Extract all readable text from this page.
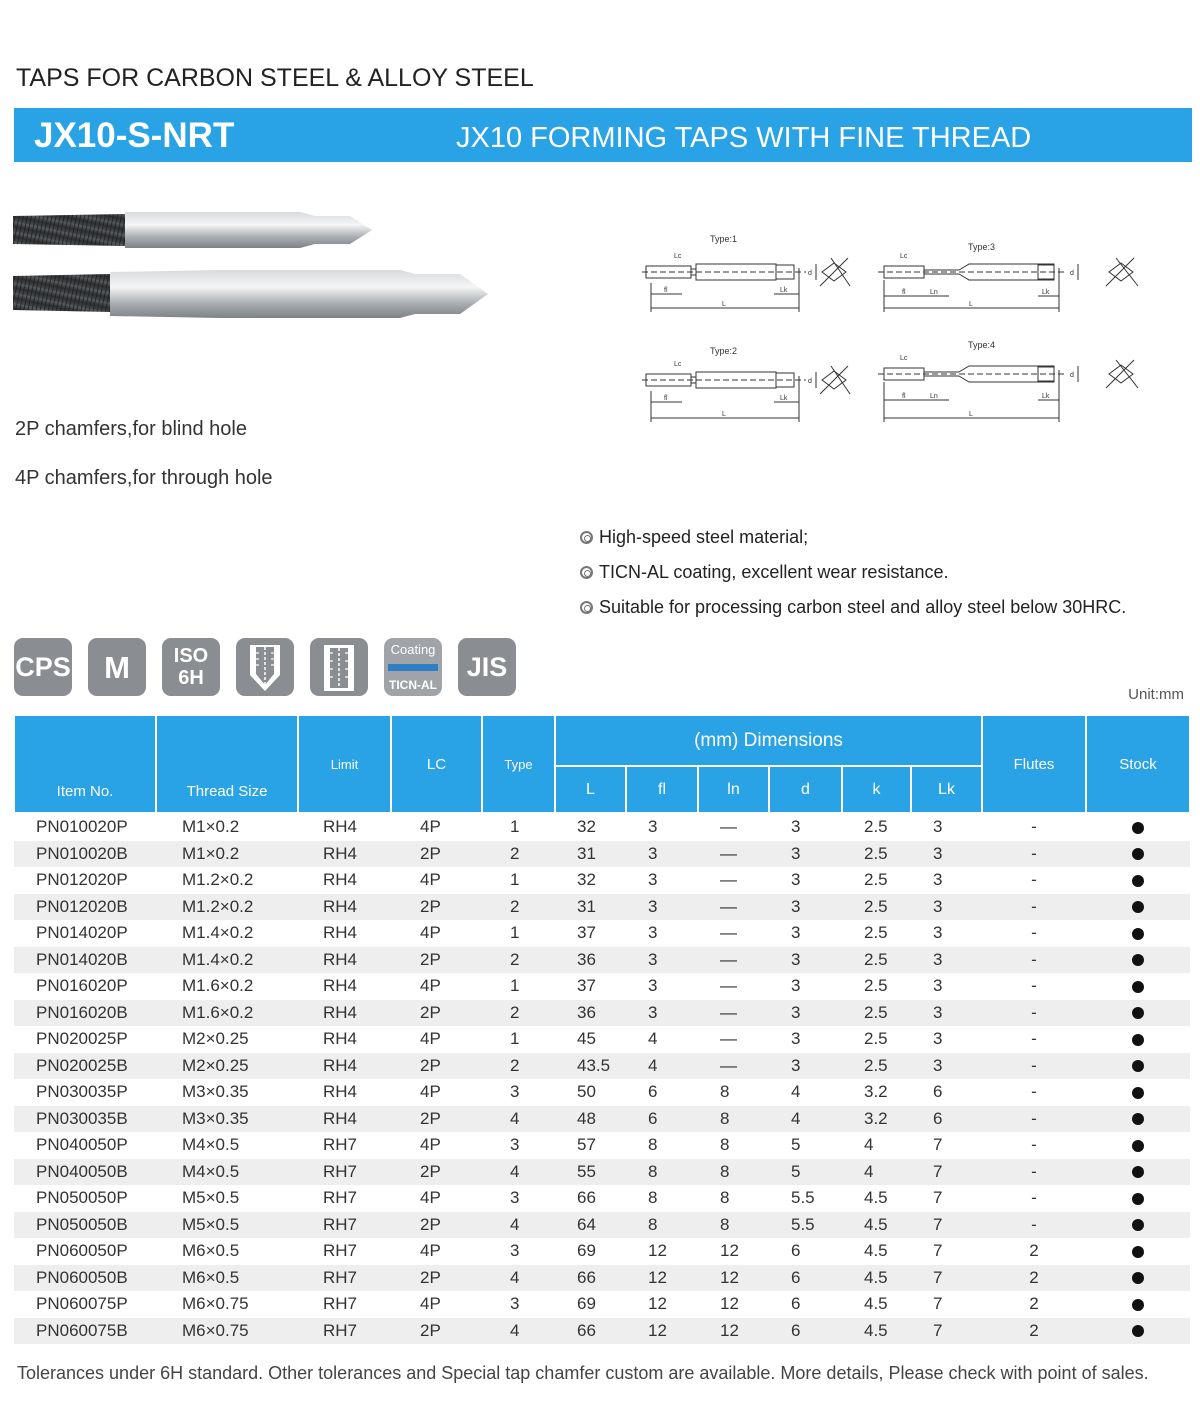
TAPS FOR CARBON STEEL & ALLOY STEEL
JX10-S-NRT	JX10 FORMING TAPS WITH FINE THREAD
2P chamfers,for blind hole
4P chamfers,for through hole
Type:1
Type:2
Type:3
Type:4
Lc
Lc
Lc
Lc
fl
fl
fl
fl
Ln
Ln
L
L
L
L
Lk
Lk
Lk
Lk
d
d
d
d
High-speed steel material;
TICN-AL coating, excellent wear resistance.
Suitable for processing carbon steel and alloy steel below 30HRC.
CPS M ISO
6H
Coating
TICN-AL
JIS
Unit:mm
Item No.	Thread Size	Limit	LC	Type	(mm) Dimensions						Flutes	Stock
					L	fl	ln	d	k	Lk		
PN010020P	M1×0.2	RH4	4P	1	32	3	—	3	2.5	3	-	
PN010020B	M1×0.2	RH4	2P	2	31	3	—	3	2.5	3	-	
PN012020P	M1.2×0.2	RH4	4P	1	32	3	—	3	2.5	3	-	
PN012020B	M1.2×0.2	RH4	2P	2	31	3	—	3	2.5	3	-	
PN014020P	M1.4×0.2	RH4	4P	1	37	3	—	3	2.5	3	-	
PN014020B	M1.4×0.2	RH4	2P	2	36	3	—	3	2.5	3	-	
PN016020P	M1.6×0.2	RH4	4P	1	37	3	—	3	2.5	3	-	
PN016020B	M1.6×0.2	RH4	2P	2	36	3	—	3	2.5	3	-	
PN020025P	M2×0.25	RH4	4P	1	45	4	—	3	2.5	3	-	
PN020025B	M2×0.25	RH4	2P	2	43.5	4	—	3	2.5	3	-	
PN030035P	M3×0.35	RH4	4P	3	50	6	8	4	3.2	6	-	
PN030035B	M3×0.35	RH4	2P	4	48	6	8	4	3.2	6	-	
PN040050P	M4×0.5	RH7	4P	3	57	8	8	5	4	7	-	
PN040050B	M4×0.5	RH7	2P	4	55	8	8	5	4	7	-	
PN050050P	M5×0.5	RH7	4P	3	66	8	8	5.5	4.5	7	-	
PN050050B	M5×0.5	RH7	2P	4	64	8	8	5.5	4.5	7	-	
PN060050P	M6×0.5	RH7	4P	3	69	12	12	6	4.5	7	2	
PN060050B	M6×0.5	RH7	2P	4	66	12	12	6	4.5	7	2	
PN060075P	M6×0.75	RH7	4P	3	69	12	12	6	4.5	7	2	
PN060075B	M6×0.75	RH7	2P	4	66	12	12	6	4.5	7	2	
Tolerances under 6H standard. Other tolerances and Special tap chamfer custom are available. More details, Please check with point of sales.
